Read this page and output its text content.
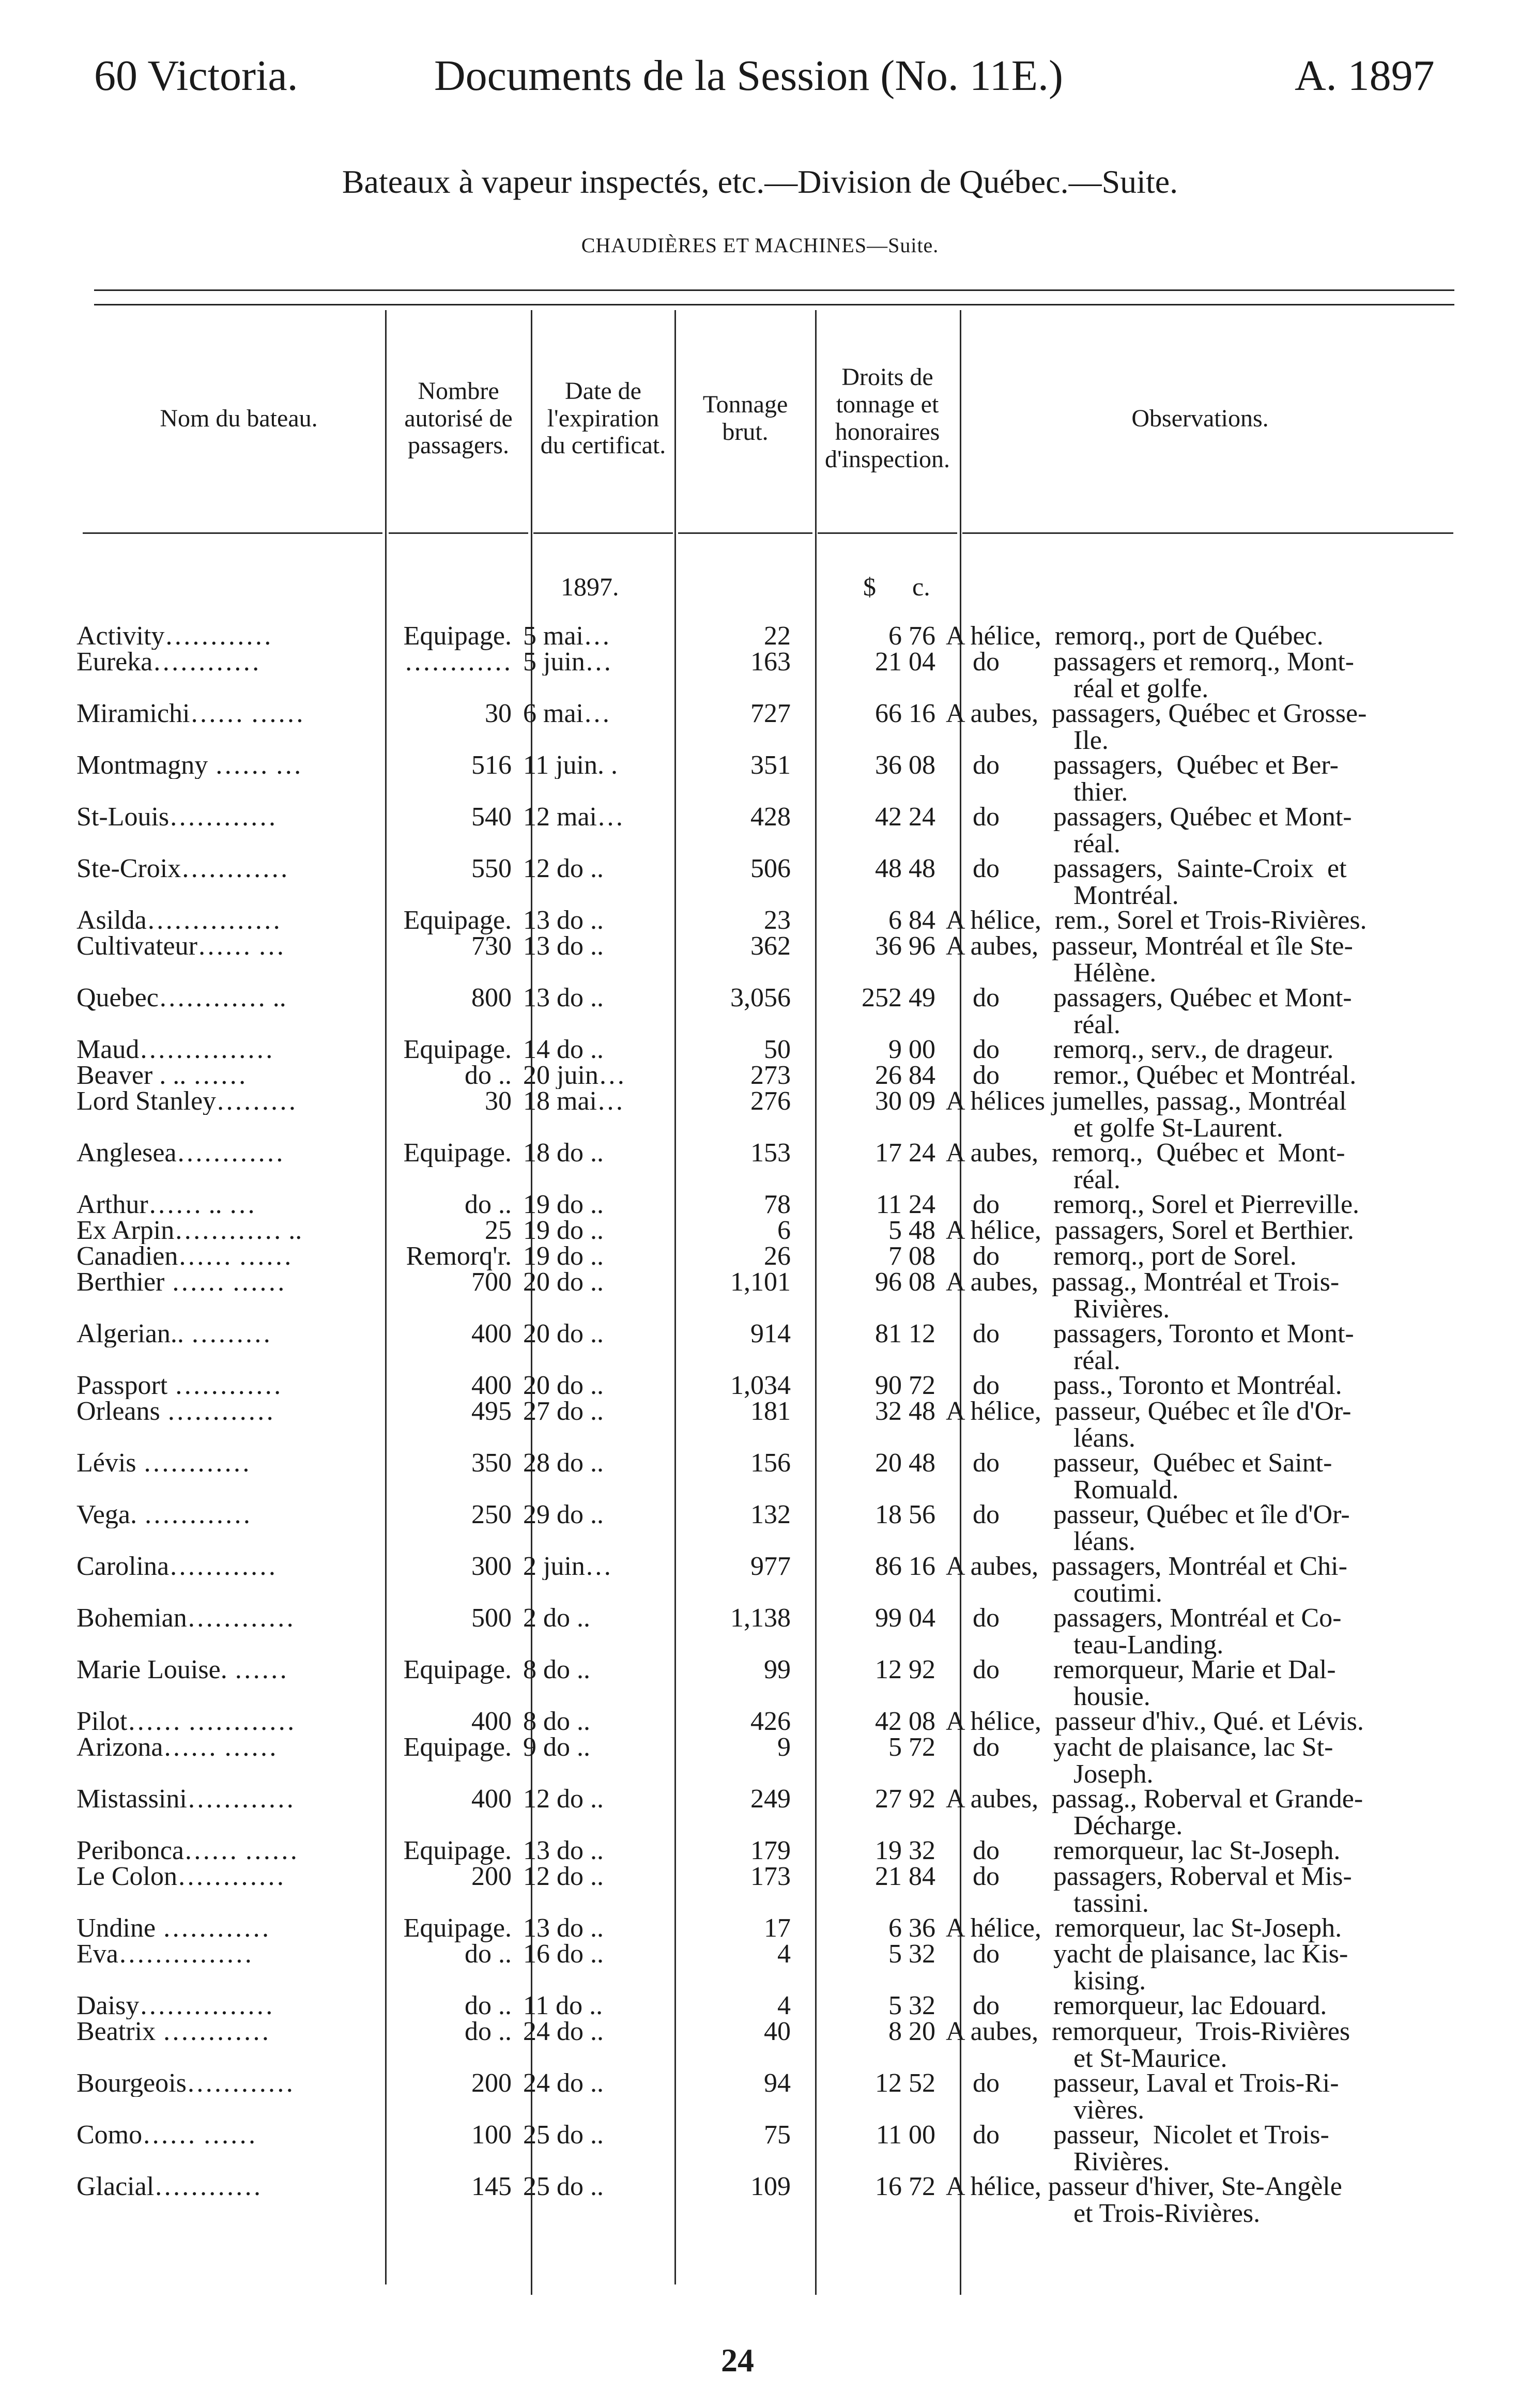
60 Victoria.	Documents de la Session (No. 11E.)	A. 1897
Bateaux à vapeur inspectés, etc.—Division de Québec.—Suite.
CHAUDIÈRES ET MACHINES—Suite.
Nom du bateau.
Nombre autorisé de passagers.
Date de l'expiration du certificat.
Tonnage brut.
Droits de tonnage et honoraires d'inspection.
Observations.
1897.	$ c.
Activity…………	Equipage. 5 mai…	22	6 76 A hélice,  remorq., port de Québec.
Eureka…………	………… 5 juin…	163	21 04	do        passagers et remorq., Mont-
réal et golfe.
Miramichi…… ……	30 6 mai…	727	66 16 A aubes,  passagers, Québec et Grosse-
Ile.
Montmagny …… …	516 11 juin. .	351	36 08	do        passagers,  Québec et Ber-
thier.
St-Louis…………	540 12 mai…	428	42 24	do        passagers, Québec et Mont-
réal.
Ste-Croix…………	550 12 do ..	506	48 48	do        passagers,  Sainte-Croix  et
Montréal.
Asilda……………	Equipage. 13 do ..	23	6 84 A hélice,  rem., Sorel et Trois-Rivières.
Cultivateur…… …	730 13 do ..	362	36 96 A aubes,  passeur, Montréal et île Ste-
Hélène.
Quebec………… ..	800 13 do ..	3,056	252 49	do        passagers, Québec et Mont-
réal.
Maud……………	Equipage. 14 do ..	50	9 00 do        remorq., serv., de drageur.
Beaver . .. ……	do .. 20 juin…	273	26 84 do        remor., Québec et Montréal.
Lord Stanley………	30 18 mai…	276	30 09 A hélices jumelles, passag., Montréal
et golfe St-Laurent.
Anglesea…………	Equipage. 18 do ..	153	17 24 A aubes,  remorq.,  Québec et  Mont-
réal.
Arthur…… .. …	do .. 19 do ..	78	11 24 do        remorq., Sorel et Pierreville.
Ex Arpin………… ..	25 19 do ..	6	5 48 A hélice,  passagers, Sorel et Berthier.
Canadien…… ……	Remorq'r. 19 do ..	26	7 08 do        remorq., port de Sorel.
Berthier …… ……	700 20 do ..	1,101	96 08 A aubes,  passag., Montréal et Trois-
Rivières.
Algerian.. ………	400 20 do ..	914	81 12	do        passagers, Toronto et Mont-
réal.
Passport …………	400 20 do ..	1,034	90 72 do        pass., Toronto et Montréal.
Orleans …………	495 27 do ..	181	32 48 A hélice,  passeur, Québec et île d'Or-
léans.
Lévis …………	350 28 do ..	156	20 48	do        passeur,  Québec et Saint-
Romuald.
Vega. …………	250 29 do ..	132	18 56	do        passeur, Québec et île d'Or-
léans.
Carolina…………	300 2 juin…	977	86 16 A aubes,  passagers, Montréal et Chi-
coutimi.
Bohemian…………	500 2 do ..	1,138	99 04	do        passagers, Montréal et Co-
teau-Landing.
Marie Louise. ……	Equipage. 8 do ..	99	12 92	do        remorqueur, Marie et Dal-
housie.
Pilot…… …………	400 8 do ..	426	42 08 A hélice,  passeur d'hiv., Qué. et Lévis.
Arizona…… ……	Equipage. 9 do ..	9	5 72	do        yacht de plaisance, lac St-
Joseph.
Mistassini…………	400 12 do ..	249	27 92 A aubes,  passag., Roberval et Grande-
Décharge.
Peribonca…… ……	Equipage. 13 do ..	179	19 32 do        remorqueur, lac St-Joseph.
Le Colon…………	200 12 do ..	173	21 84	do        passagers, Roberval et Mis-
tassini.
Undine …………	Equipage. 13 do ..	17	6 36 A hélice,  remorqueur, lac St-Joseph.
Eva……………	do .. 16 do ..	4	5 32	do        yacht de plaisance, lac Kis-
kising.
Daisy……………	do .. 11 do ..	4	5 32 do        remorqueur, lac Edouard.
Beatrix …………	do .. 24 do ..	40	8 20 A aubes,  remorqueur,  Trois-Rivières
et St-Maurice.
Bourgeois…………	200 24 do ..	94	12 52	do        passeur, Laval et Trois-Ri-
vières.
Como…… ……	100 25 do ..	75	11 00	do        passeur,  Nicolet et Trois-
Rivières.
Glacial…………	145 25 do ..	109	16 72 A hélice, passeur d'hiver, Ste-Angèle
et Trois-Rivières.
24
